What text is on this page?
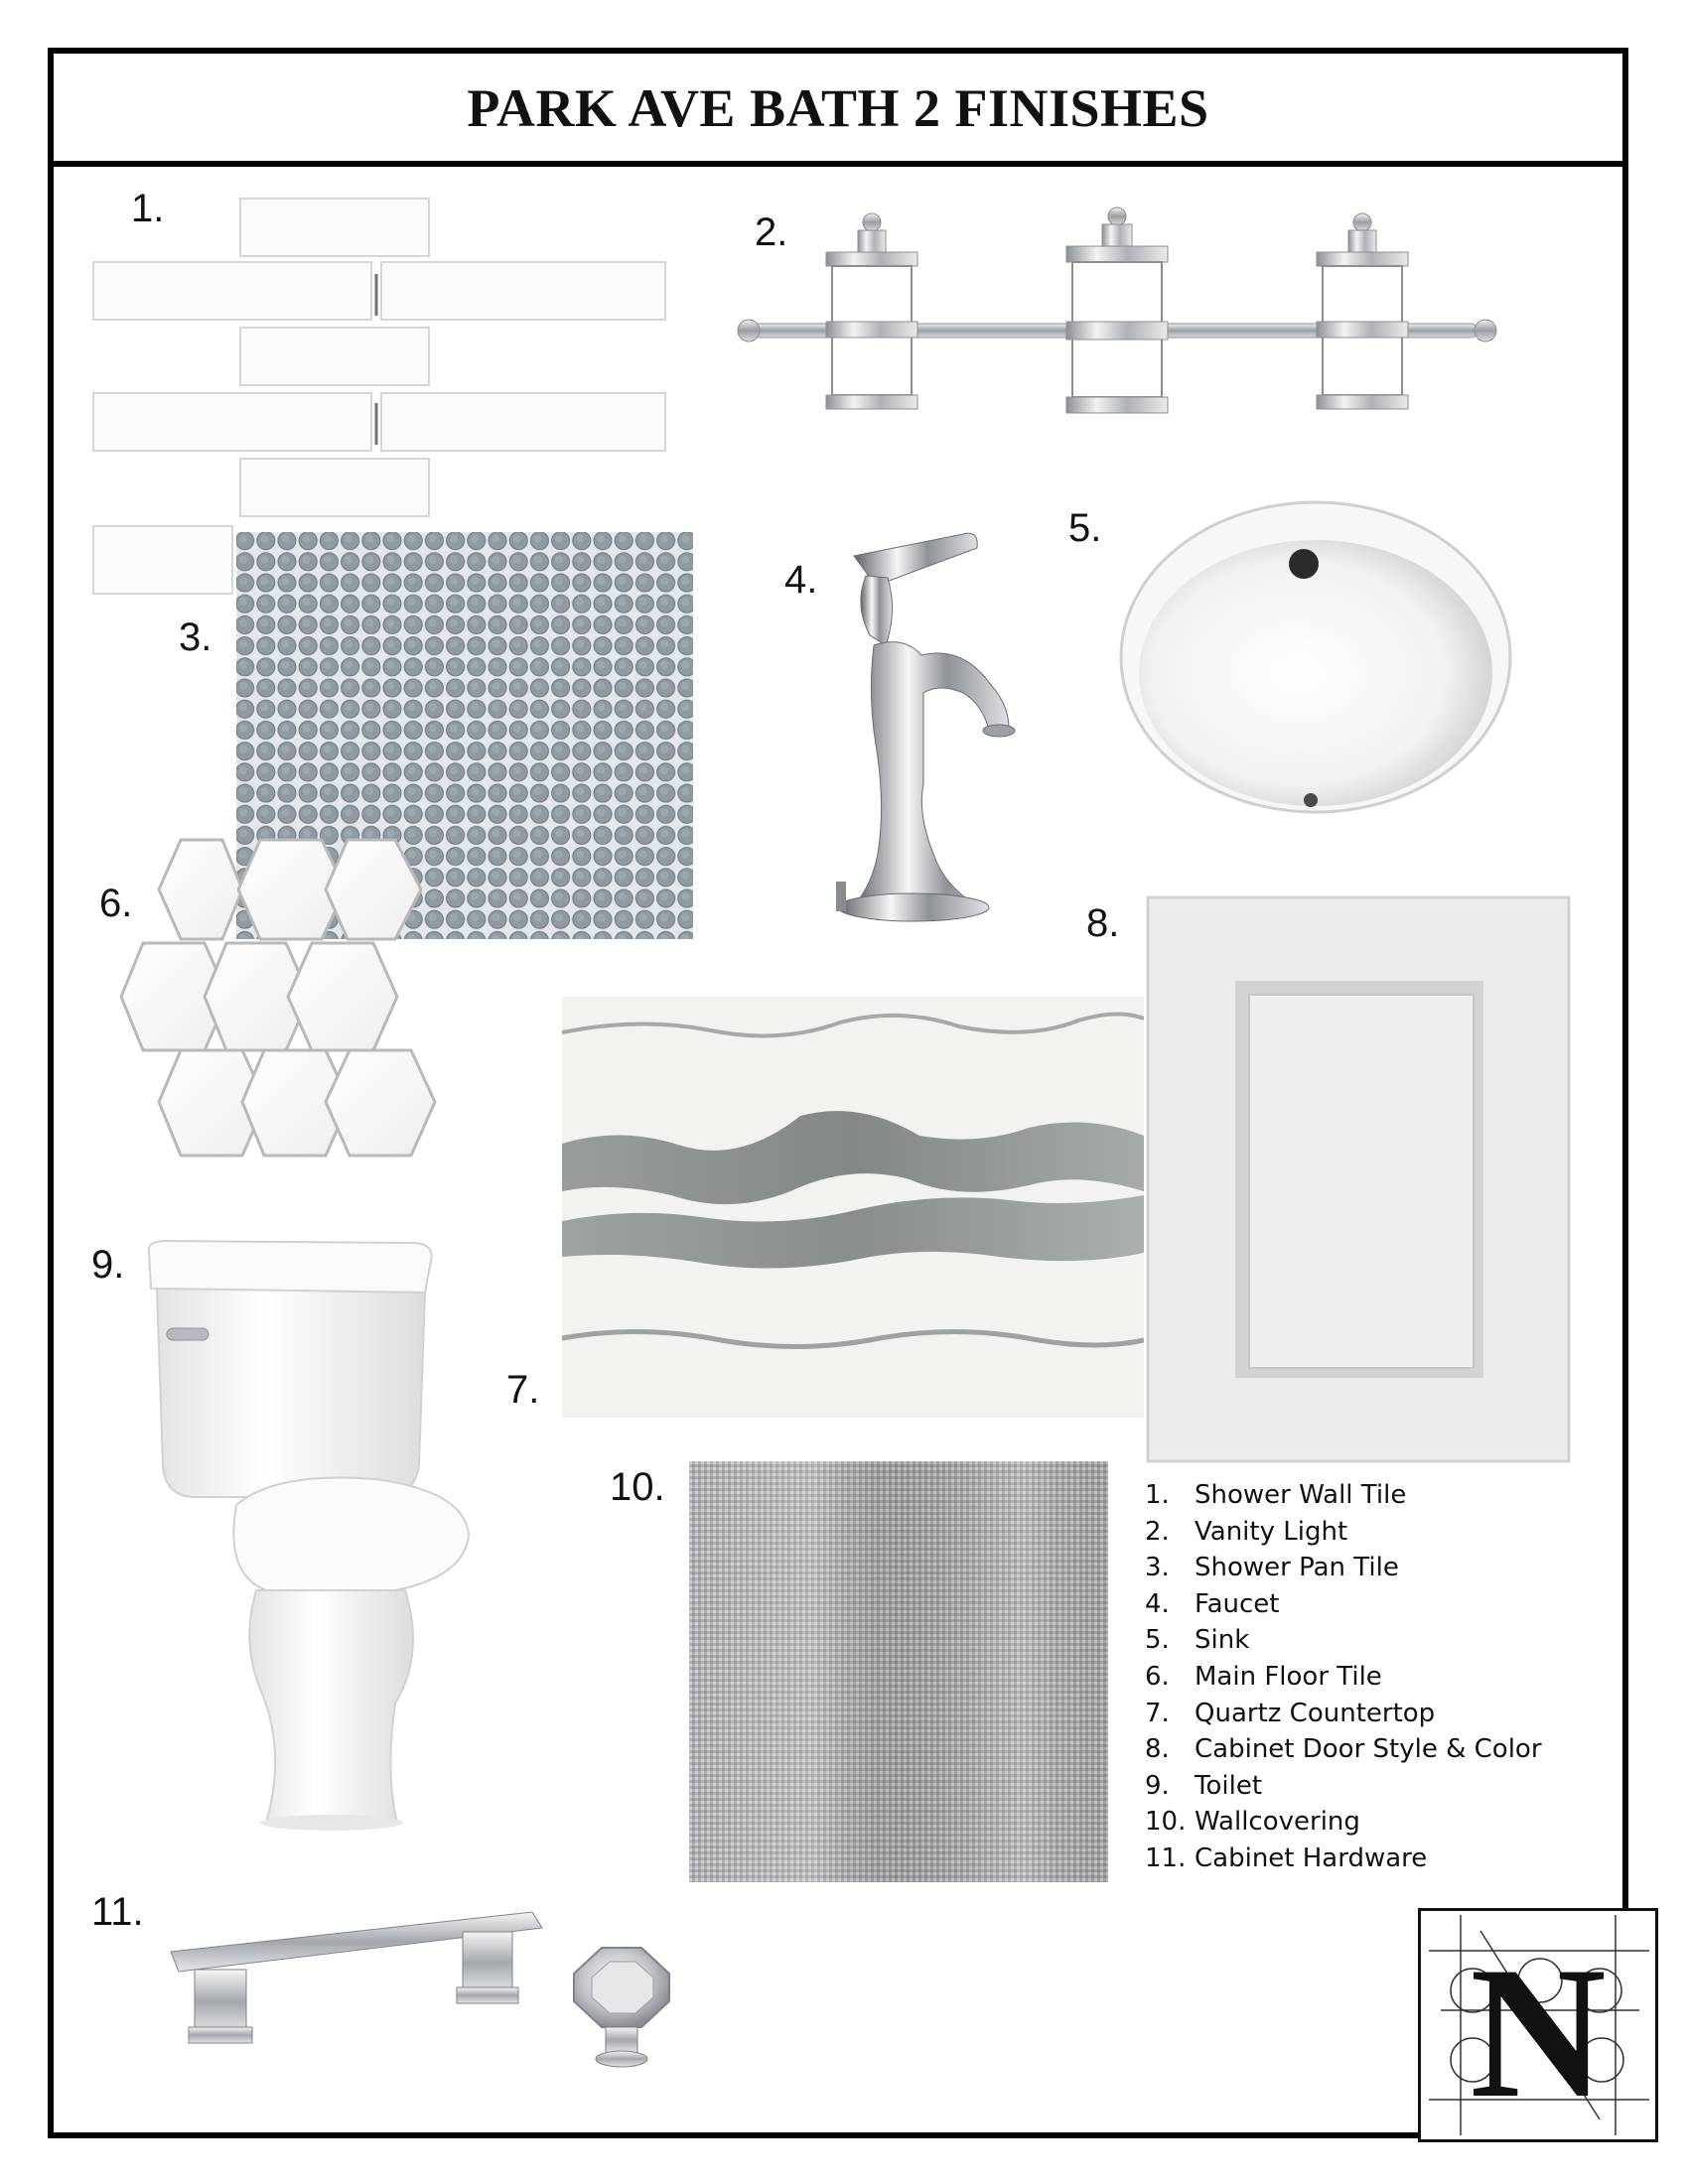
PARK AVE BATH 2 FINISHES
1.
2.
3.
4.
5.
6.
7.
8.
9.
10.
11.
1. Shower Wall Tile
2. Vanity Light
3. Shower Pan Tile
4. Faucet
5. Sink
6. Main Floor Tile
7. Quartz Countertop
8. Cabinet Door Style & Color
9. Toilet
10. Wallcovering
11. Cabinet Hardware
N
